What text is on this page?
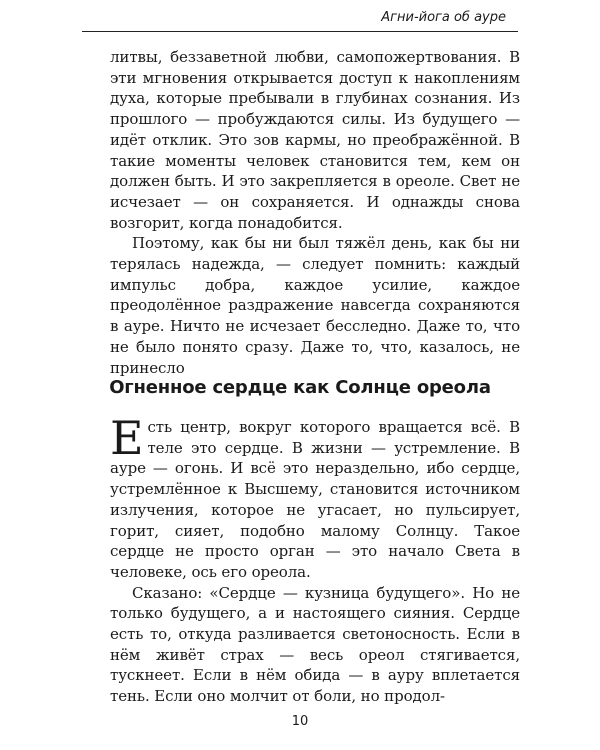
Агни-йога об ауре

литвы, беззаветной любви, самопожертвования. В эти мгновения открывается доступ к накоплениям духа, которые пребывали в глубинах сознания. Из прошлого — пробуждаются силы. Из будущего — идёт отклик. Это зов кармы, но преображённой. В такие моменты человек становится тем, кем он должен быть. И это закрепляется в ореоле. Свет не исчезает — он сохраняется. И однажды снова возгорит, когда понадобится.

Поэтому, как бы ни был тяжёл день, как бы ни терялась надежда, — следует помнить: каждый импульс добра, каждое усилие, каждое преодолённое раздражение навсегда сохраняются в ауре. Ничто не исчезает бесследно. Даже то, что не было понято сразу. Даже то, что, казалось, не принесло

Огненное сердце как Солнце ореола

Есть центр, вокруг которого вращается всё. В теле это сердце. В жизни — устремление. В ауре — огонь. И всё это нераздельно, ибо сердце, устремлённое к Высшему, становится источником излучения, которое не угасает, но пульсирует, горит, сияет, подобно малому Солнцу. Такое сердце не просто орган — это начало Света в человеке, ось его ореола.

Сказано: «Сердце — кузница будущего». Но не только будущего, а и настоящего сияния. Сердце есть то, откуда разливается светоносность. Если в нём живёт страх — весь ореол стягивается, тускнеет. Если в нём обида — в ауру вплетается тень. Если оно молчит от боли, но продол-

10
